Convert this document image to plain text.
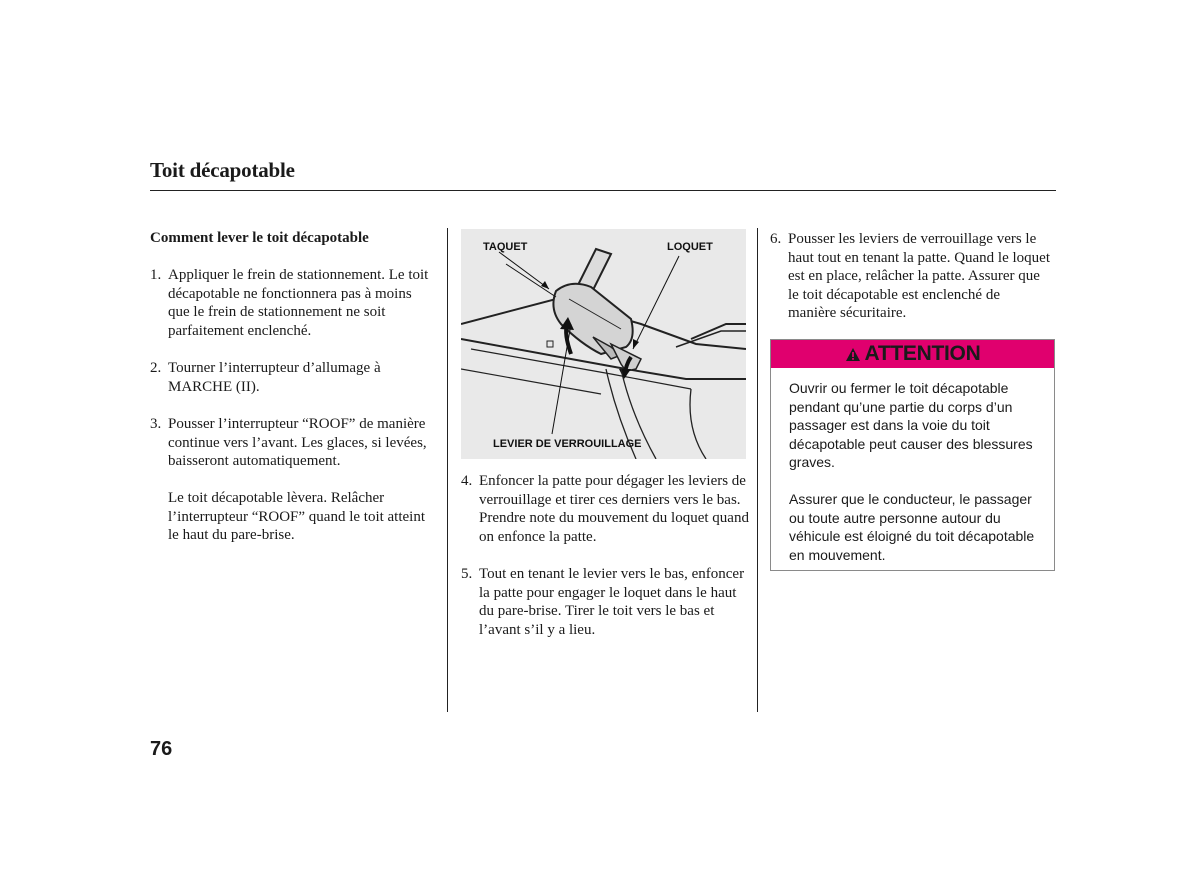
Toit décapotable
Comment lever le toit décapotable
1. Appliquer le frein de stationnement. Le toit décapotable ne fonctionnera pas à moins que le frein de stationnement ne soit parfaitement enclenché.
2. Tourner l’interrupteur d’allumage à MARCHE (II).
3. Pousser l’interrupteur “ROOF” de manière continue vers l’avant. Les glaces, si levées, baisseront automatiquement.
Le toit décapotable lèvera. Relâcher l’interrupteur “ROOF” quand le toit atteint le haut du pare-brise.
TAQUET	LOQUET
LEVIER DE VERROUILLAGE
4. Enfoncer la patte pour dégager les leviers de verrouillage et tirer ces derniers vers le bas. Prendre note du mouvement du loquet quand on enfonce la patte.
5. Tout en tenant le levier vers le bas, enfoncer la patte pour engager le loquet dans le haut du pare-brise. Tirer le toit vers le bas et l’avant s’il y a lieu.
6. Pousser les leviers de verrouillage vers le haut tout en tenant la patte. Quand le loquet est en place, relâcher la patte. Assurer que le toit décapotable est enclenché de manière sécuritaire.
ATTENTION
Ouvrir ou fermer le toit décapotable pendant qu’une partie du corps d’un passager est dans la voie du toit décapotable peut causer des blessures graves.
Assurer que le conducteur, le passager ou toute autre personne autour du véhicule est éloigné du toit décapotable en mouvement.
76
